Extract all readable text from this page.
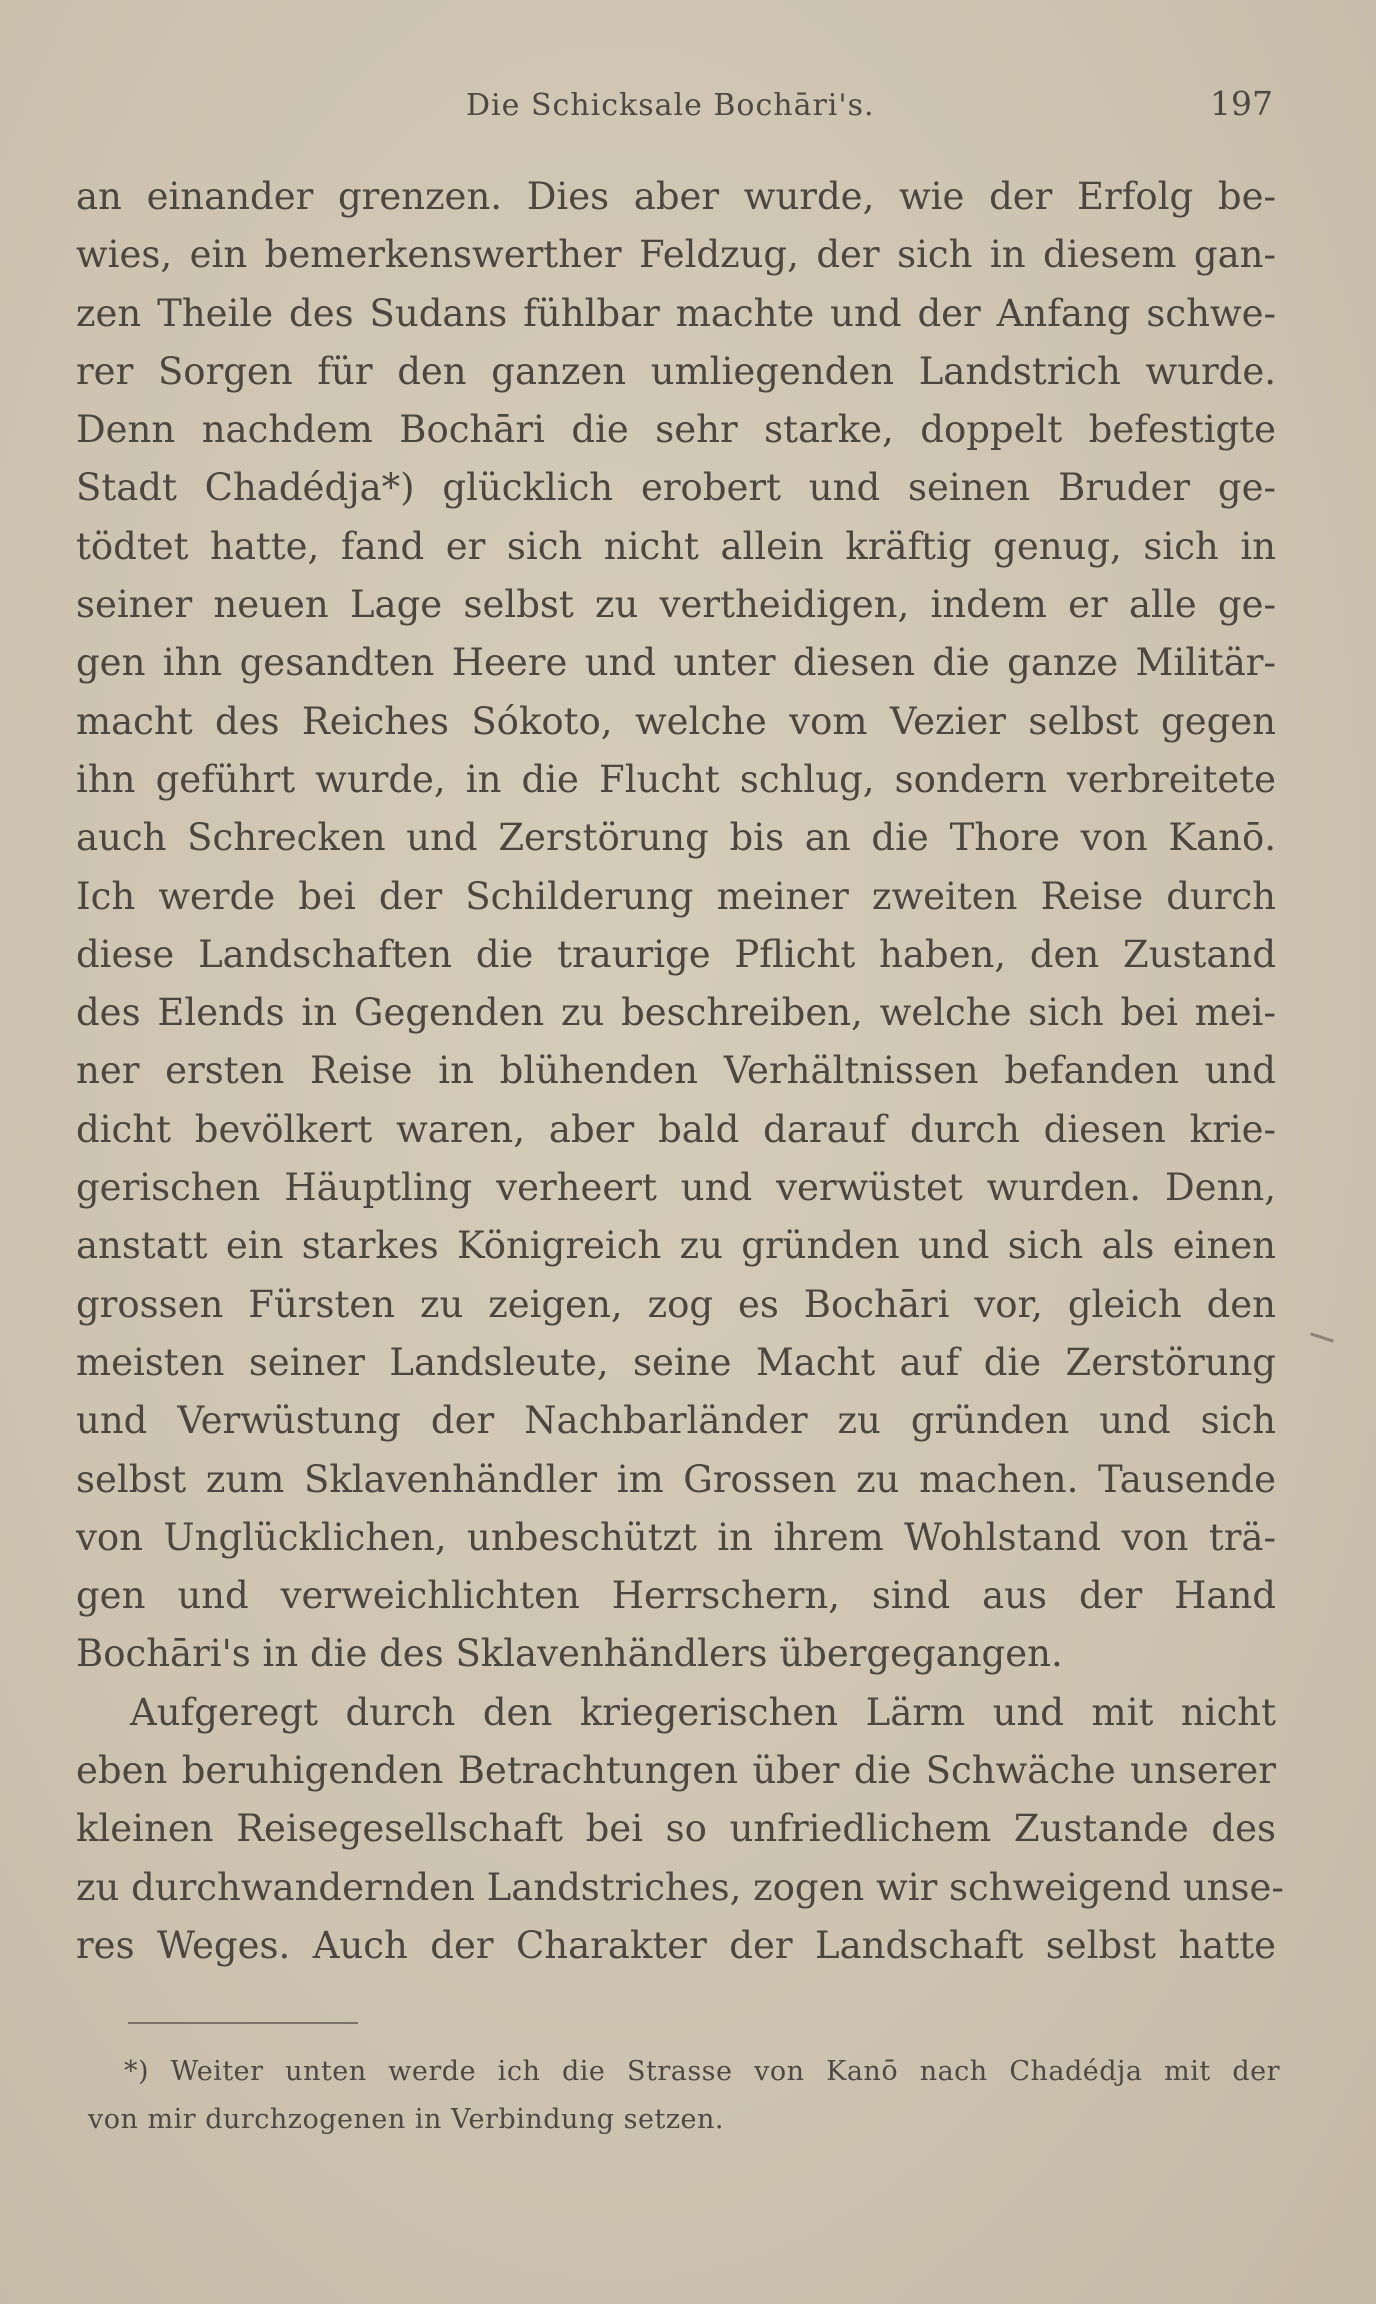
Die Schicksale Bochāri's.	197
an einander grenzen. Dies aber wurde, wie der Erfolg be-
wies, ein bemerkenswerther Feldzug, der sich in diesem gan-
zen Theile des Sudans fühlbar machte und der Anfang schwe-
rer Sorgen für den ganzen umliegenden Landstrich wurde.
Denn nachdem Bochāri die sehr starke, doppelt befestigte
Stadt Chadédja*) glücklich erobert und seinen Bruder ge-
tödtet hatte, fand er sich nicht allein kräftig genug, sich in
seiner neuen Lage selbst zu vertheidigen, indem er alle ge-
gen ihn gesandten Heere und unter diesen die ganze Militär-
macht des Reiches Sókoto, welche vom Vezier selbst gegen
ihn geführt wurde, in die Flucht schlug, sondern verbreitete
auch Schrecken und Zerstörung bis an die Thore von Kanō.
Ich werde bei der Schilderung meiner zweiten Reise durch
diese Landschaften die traurige Pflicht haben, den Zustand
des Elends in Gegenden zu beschreiben, welche sich bei mei-
ner ersten Reise in blühenden Verhältnissen befanden und
dicht bevölkert waren, aber bald darauf durch diesen krie-
gerischen Häuptling verheert und verwüstet wurden. Denn,
anstatt ein starkes Königreich zu gründen und sich als einen
grossen Fürsten zu zeigen, zog es Bochāri vor, gleich den
meisten seiner Landsleute, seine Macht auf die Zerstörung
und Verwüstung der Nachbarländer zu gründen und sich
selbst zum Sklavenhändler im Grossen zu machen. Tausende
von Unglücklichen, unbeschützt in ihrem Wohlstand von trä-
gen und verweichlichten Herrschern, sind aus der Hand
Bochāri's in die des Sklavenhändlers übergegangen.
Aufgeregt durch den kriegerischen Lärm und mit nicht
eben beruhigenden Betrachtungen über die Schwäche unserer
kleinen Reisegesellschaft bei so unfriedlichem Zustande des
zu durchwandernden Landstriches, zogen wir schweigend unse-
res Weges. Auch der Charakter der Landschaft selbst hatte
*) Weiter unten werde ich die Strasse von Kanō nach Chadédja mit der
von mir durchzogenen in Verbindung setzen.
